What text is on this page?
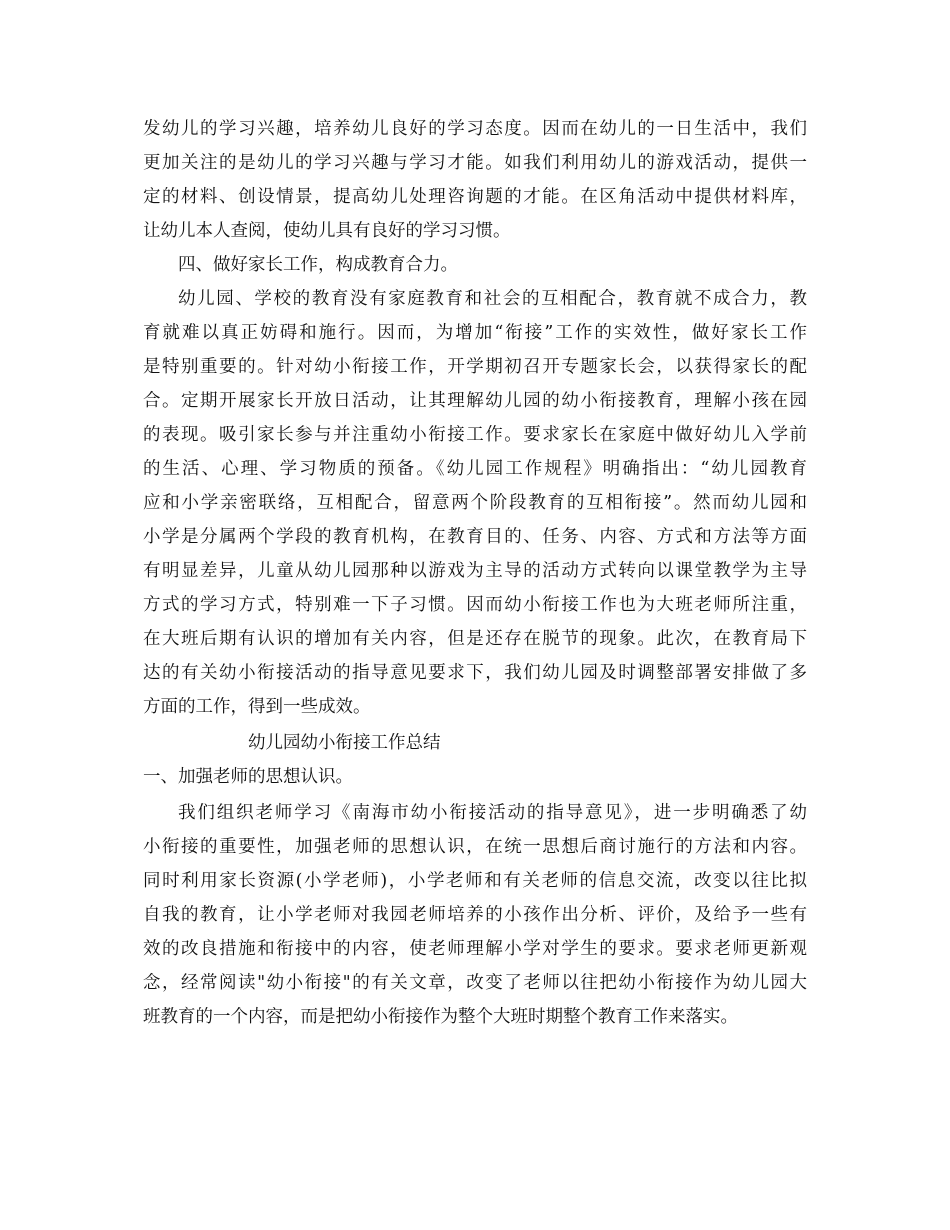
发幼儿的学习兴趣，培养幼儿良好的学习态度。因而在幼儿的一日生活中，我们
更加关注的是幼儿的学习兴趣与学习才能。如我们利用幼儿的游戏活动，提供一
定的材料、创设情景，提高幼儿处理咨询题的才能。在区角活动中提供材料库，
让幼儿本人查阅，使幼儿具有良好的学习习惯。
四、做好家长工作，构成教育合力。
幼儿园、学校的教育没有家庭教育和社会的互相配合，教育就不成合力，教
育就难以真正妨碍和施行。因而，为增加“衔接”工作的实效性，做好家长工作
是特别重要的。针对幼小衔接工作，开学期初召开专题家长会，以获得家长的配
合。定期开展家长开放日活动，让其理解幼儿园的幼小衔接教育，理解小孩在园
的表现。吸引家长参与并注重幼小衔接工作。要求家长在家庭中做好幼儿入学前
的生活、心理、学习物质的预备。《幼儿园工作规程》明确指出：“幼儿园教育
应和小学亲密联络，互相配合，留意两个阶段教育的互相衔接”。然而幼儿园和
小学是分属两个学段的教育机构，在教育目的、任务、内容、方式和方法等方面
有明显差异，儿童从幼儿园那种以游戏为主导的活动方式转向以课堂教学为主导
方式的学习方式，特别难一下子习惯。因而幼小衔接工作也为大班老师所注重，
在大班后期有认识的增加有关内容，但是还存在脱节的现象。此次，在教育局下
达的有关幼小衔接活动的指导意见要求下，我们幼儿园及时调整部署安排做了多
方面的工作，得到一些成效。
幼儿园幼小衔接工作总结
一、加强老师的思想认识。
我们组织老师学习《南海市幼小衔接活动的指导意见》，进一步明确悉了幼
小衔接的重要性，加强老师的思想认识，在统一思想后商讨施行的方法和内容。
同时利用家长资源(小学老师)，小学老师和有关老师的信息交流，改变以往比拟
自我的教育，让小学老师对我园老师培养的小孩作出分析、评价，及给予一些有
效的改良措施和衔接中的内容，使老师理解小学对学生的要求。要求老师更新观
念，经常阅读"幼小衔接"的有关文章，改变了老师以往把幼小衔接作为幼儿园大
班教育的一个内容，而是把幼小衔接作为整个大班时期整个教育工作来落实。
